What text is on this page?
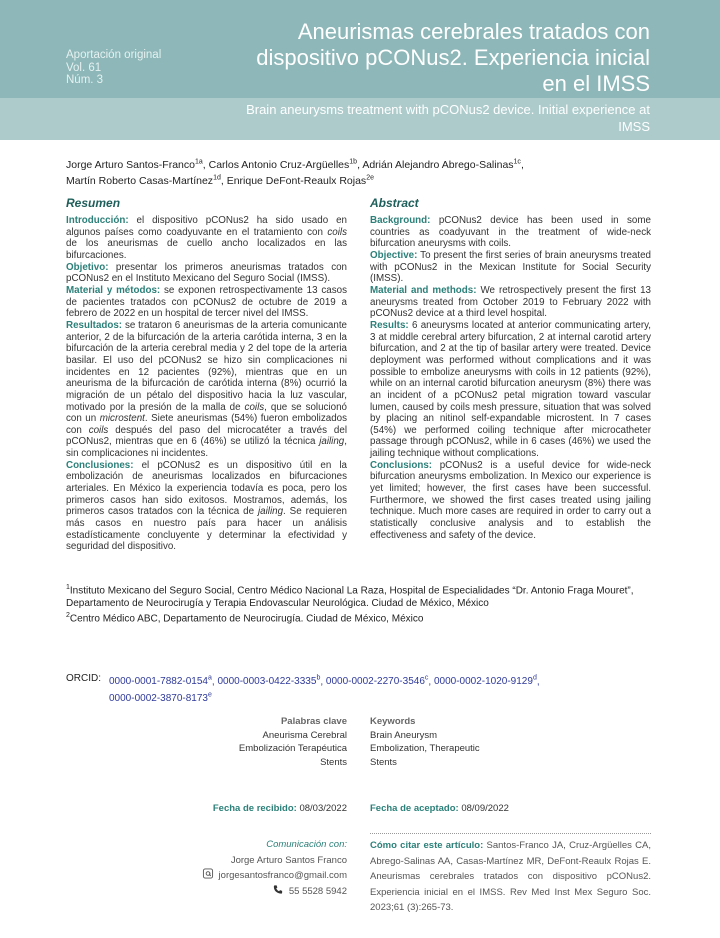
Aportación original
Vol. 61
Núm. 3
Aneurismas cerebrales tratados con dispositivo pCONus2. Experiencia inicial en el IMSS
Brain aneurysms treatment with pCONus2 device. Initial experience at IMSS
Jorge Arturo Santos-Franco$^{1a}$, Carlos Antonio Cruz-Argüelles$^{1b}$, Adrián Alejandro Abrego-Salinas$^{1c}$,
Martín Roberto Casas-Martínez$^{1d}$, Enrique DeFont-Reaulx Rojas$^{2e}$
Resumen

Introducción: el dispositivo pCONus2 ha sido usado en algunos países como coadyuvante en el tratamiento con coils de los aneurismas de cuello ancho localizados en las bifurcaciones.

Objetivo: presentar los primeros aneurismas tratados con pCONus2 en el Instituto Mexicano del Seguro Social (IMSS).

Material y métodos: se exponen retrospectivamente 13 casos de pacientes tratados con pCONus2 de octubre de 2019 a febrero de 2022 en un hospital de tercer nivel del IMSS.

Resultados: se trataron 6 aneurismas de la arteria comunicante anterior, 2 de la bifurcación de la arteria carótida interna, 3 en la bifurcación de la arteria cerebral media y 2 del tope de la arteria basilar. El uso del pCONus2 se hizo sin complicaciones ni incidentes en 12 pacientes (92%), mientras que en un aneurisma de la bifurcación de carótida interna (8%) ocurrió la migración de un pétalo del dispositivo hacia la luz vascular, motivado por la presión de la malla de coils, que se solucionó con un microstent. Siete aneurismas (54%) fueron embolizados con coils después del paso del microcatéter a través del pCONus2, mientras que en 6 (46%) se utilizó la técnica jailing, sin complicaciones ni incidentes.

Conclusiones: el pCONus2 es un dispositivo útil en la embolización de aneurismas localizados en bifurcaciones arteriales. En México la experiencia todavía es poca, pero los primeros casos han sido exitosos. Mostramos, además, los primeros casos tratados con la técnica de jailing. Se requieren más casos en nuestro país para hacer un análisis estadísticamente concluyente y determinar la efectividad y seguridad del dispositivo.

Abstract

Background: pCONus2 device has been used in some countries as coadyuvant in the treatment of wide-neck bifurcation aneurysms with coils.

Objective: To present the first series of brain aneurysms treated with pCONus2 in the Mexican Institute for Social Security (IMSS).

Material and methods: We retrospectively present the first 13 aneurysms treated from October 2019 to February 2022 with pCONus2 device at a third level hospital.

Results: 6 aneurysms located at anterior communicating artery, 3 at middle cerebral artery bifurcation, 2 at internal carotid artery bifurcation, and 2 at the tip of basilar artery were treated. Device deployment was performed without complications and it was possible to embolize aneurysms with coils in 12 patients (92%), while on an internal carotid bifurcation aneurysm (8%) there was an incident of a pCONus2 petal migration toward vascular lumen, caused by coils mesh pressure, situation that was solved by placing an nitinol self-expandable microstent. In 7 cases (54%) we performed coiling technique after microcatheter passage through pCONus2, while in 6 cases (46%) we used the jailing technique without complications.

Conclusions: pCONus2 is a useful device for wide-neck bifurcation aneurysms embolization. In Mexico our experience is yet limited; however, the first cases have been successful. Furthermore, we showed the first cases treated using jailing technique. Much more cases are required in order to carry out a statistically conclusive analysis and to establish the effectiveness and safety of the device.

$^1$Instituto Mexicano del Seguro Social, Centro Médico Nacional La Raza, Hospital de Especialidades “Dr. Antonio Fraga Mouret”, Departamento de Neurocirugía y Terapia Endovascular Neurológica. Ciudad de México, México
$^2$Centro Médico ABC, Departamento de Neurocirugía. Ciudad de México, México
ORCID: 0000-0001-7882-0154$^a$, 0000-0003-0422-3335$^b$, 0000-0002-2270-3546$^c$, 0000-0002-1020-9129$^d$,
0000-0002-3870-8173e
Palabras clave
Aneurisma Cerebral
Embolización Terapéutica
Stents
Keywords
Brain Aneurysm
Embolization, Therapeutic
Stents
Fecha de recibido: 08/03/2022 Fecha de aceptado: 08/09/2022
Comunicación con:
Jorge Arturo Santos Franco
jorgesantosfranco@gmail.com
55 5528 5942
Cómo citar este artículo: Santos-Franco JA, Cruz-Argüelles CA, Abrego-Salinas AA, Casas-Martínez MR, DeFont-Reaulx Rojas E. Aneurismas cerebrales tratados con dispositivo pCONus2. Experiencia inicial en el IMSS. Rev Med Inst Mex Seguro Soc. 2023;61 (3):265-73.
